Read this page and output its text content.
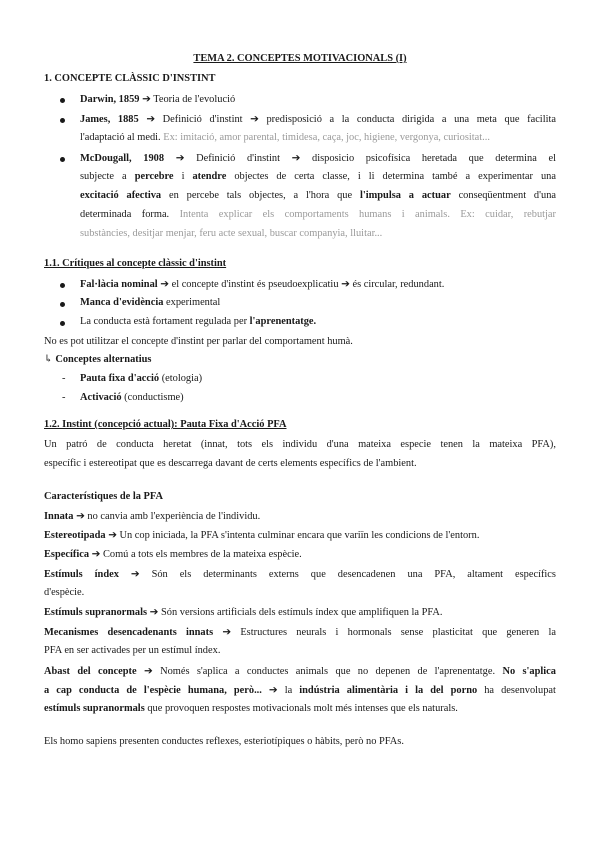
TEMA 2. CONCEPTES MOTIVACIONALS (I)
1. CONCEPTE CLÀSSIC D'INSTINT
Darwin, 1859 ➔ Teoria de l'evolució
James, 1885 ➔ Definició d'instint ➔ predisposició a la conducta dirigida a una meta que facilita
l'adaptació al medi. Ex: imitació, amor parental, timidesa, caça, joc, higiene, vergonya, curiositat...
McDougall, 1908 ➔ Definició d'instint ➔ disposicio psicofísica heretada que determina el
subjecte a percebre i atendre objectes de certa classe, i li determina també a experimentar una
excitació afectiva en percebe tals objectes, a l'hora que l'impulsa a actuar conseqüentment d'una
determinada forma. Intenta explicar els comportaments humans i animals. Ex: cuidar, rebutjar
substàncies, desitjar menjar, feru acte sexual, buscar companyia, lluitar...
1.1. Crítiques al concepte clàssic d'instint
Fal·làcia nominal ➔ el concepte d'instint és pseudoexplicatiu ➔ és circular, redundant.
Manca d'evidència experimental
La conducta està fortament regulada per l'aprenentatge.
No es pot utilitzar el concepte d'instint per parlar del comportament humà.
↳ Conceptes alternatius
- Pauta fixa d'acció (etologia)
- Activació (conductisme)
1.2. Instint (concepció actual): Pauta Fixa d'Acció PFA
Un patró de conducta heretat (innat, tots els individu d'una mateixa especie tenen la mateixa PFA),
específic i estereotipat que es descarrega davant de certs elements específics de l'ambient.
Característiques de la PFA
Innata ➔ no canvia amb l'experiència de l'individu.
Estereotipada ➔ Un cop iniciada, la PFA s'intenta culminar encara que variïn les condicions de l'entorn.
Específica ➔ Comú a tots els membres de la mateixa espècie.
Estímuls índex ➔ Són els determinants externs que desencadenen una PFA, altament específics
d'espècie.
Estímuls supranormals ➔ Són versions artificials dels estímuls índex que amplifiquen la PFA.
Mecanismes desencadenants innats ➔ Estructures neurals i hormonals sense plasticitat que generen la
PFA en ser activades per un estímul índex.
Abast del concepte ➔ Només s'aplica a conductes animals que no depenen de l'aprenentatge. No s'aplica
a cap conducta de l'espècie humana, però... ➔ la indústria alimentària i la del porno ha desenvolupat
estímuls supranormals que provoquen respostes motivacionals molt més intenses que els naturals.
Els homo sapiens presenten conductes reflexes, esteriotípiques o hàbits, però no PFAs.
